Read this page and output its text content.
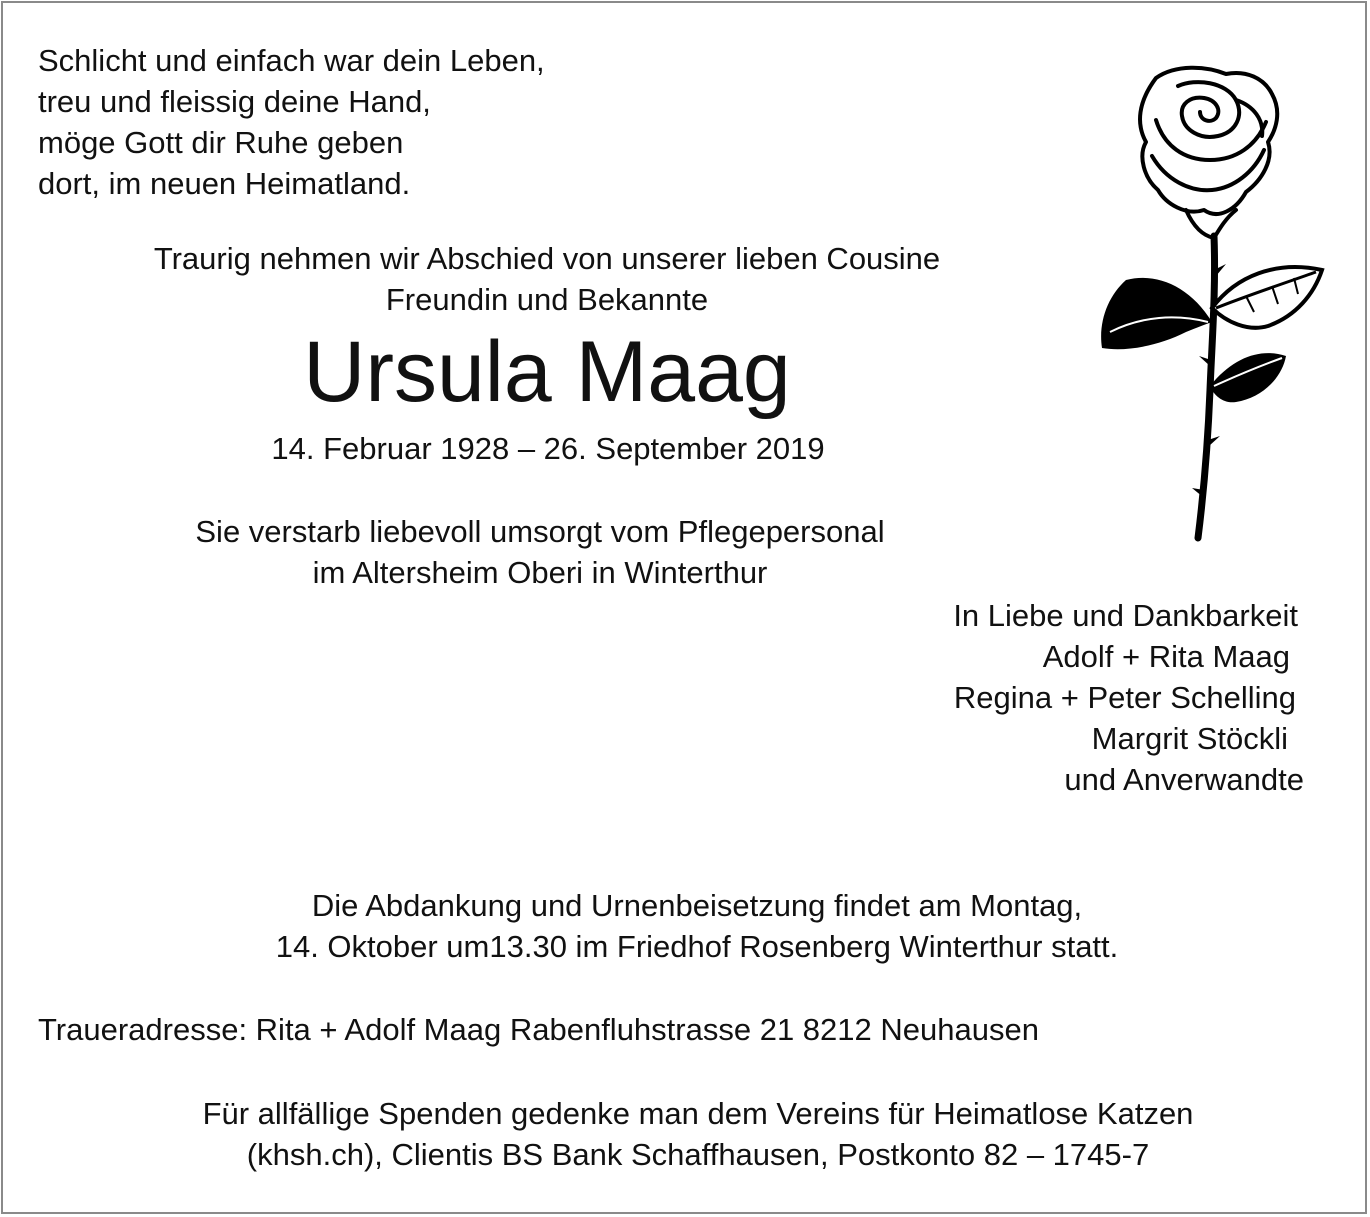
Schlicht und einfach war dein Leben,
treu und fleissig deine Hand,
möge Gott dir Ruhe geben
dort, im neuen Heimatland.
Traurig nehmen wir Abschied von unserer lieben Cousine
Freundin und Bekannte
Ursula Maag
14. Februar 1928 – 26. September 2019
Sie verstarb liebevoll umsorgt vom Pflegepersonal
im Altersheim Oberi in Winterthur
In Liebe und Dankbarkeit
Adolf + Rita Maag
Regina + Peter Schelling
Margrit Stöckli
und Anverwandte
Die Abdankung und Urnenbeisetzung findet am Montag,
14. Oktober um13.30 im Friedhof Rosenberg Winterthur statt.
Traueradresse: Rita + Adolf Maag Rabenfluhstrasse 21 8212 Neuhausen
Für allfällige Spenden gedenke man dem Vereins für Heimatlose Katzen
(khsh.ch), Clientis BS Bank Schaffhausen, Postkonto 82 – 1745-7
